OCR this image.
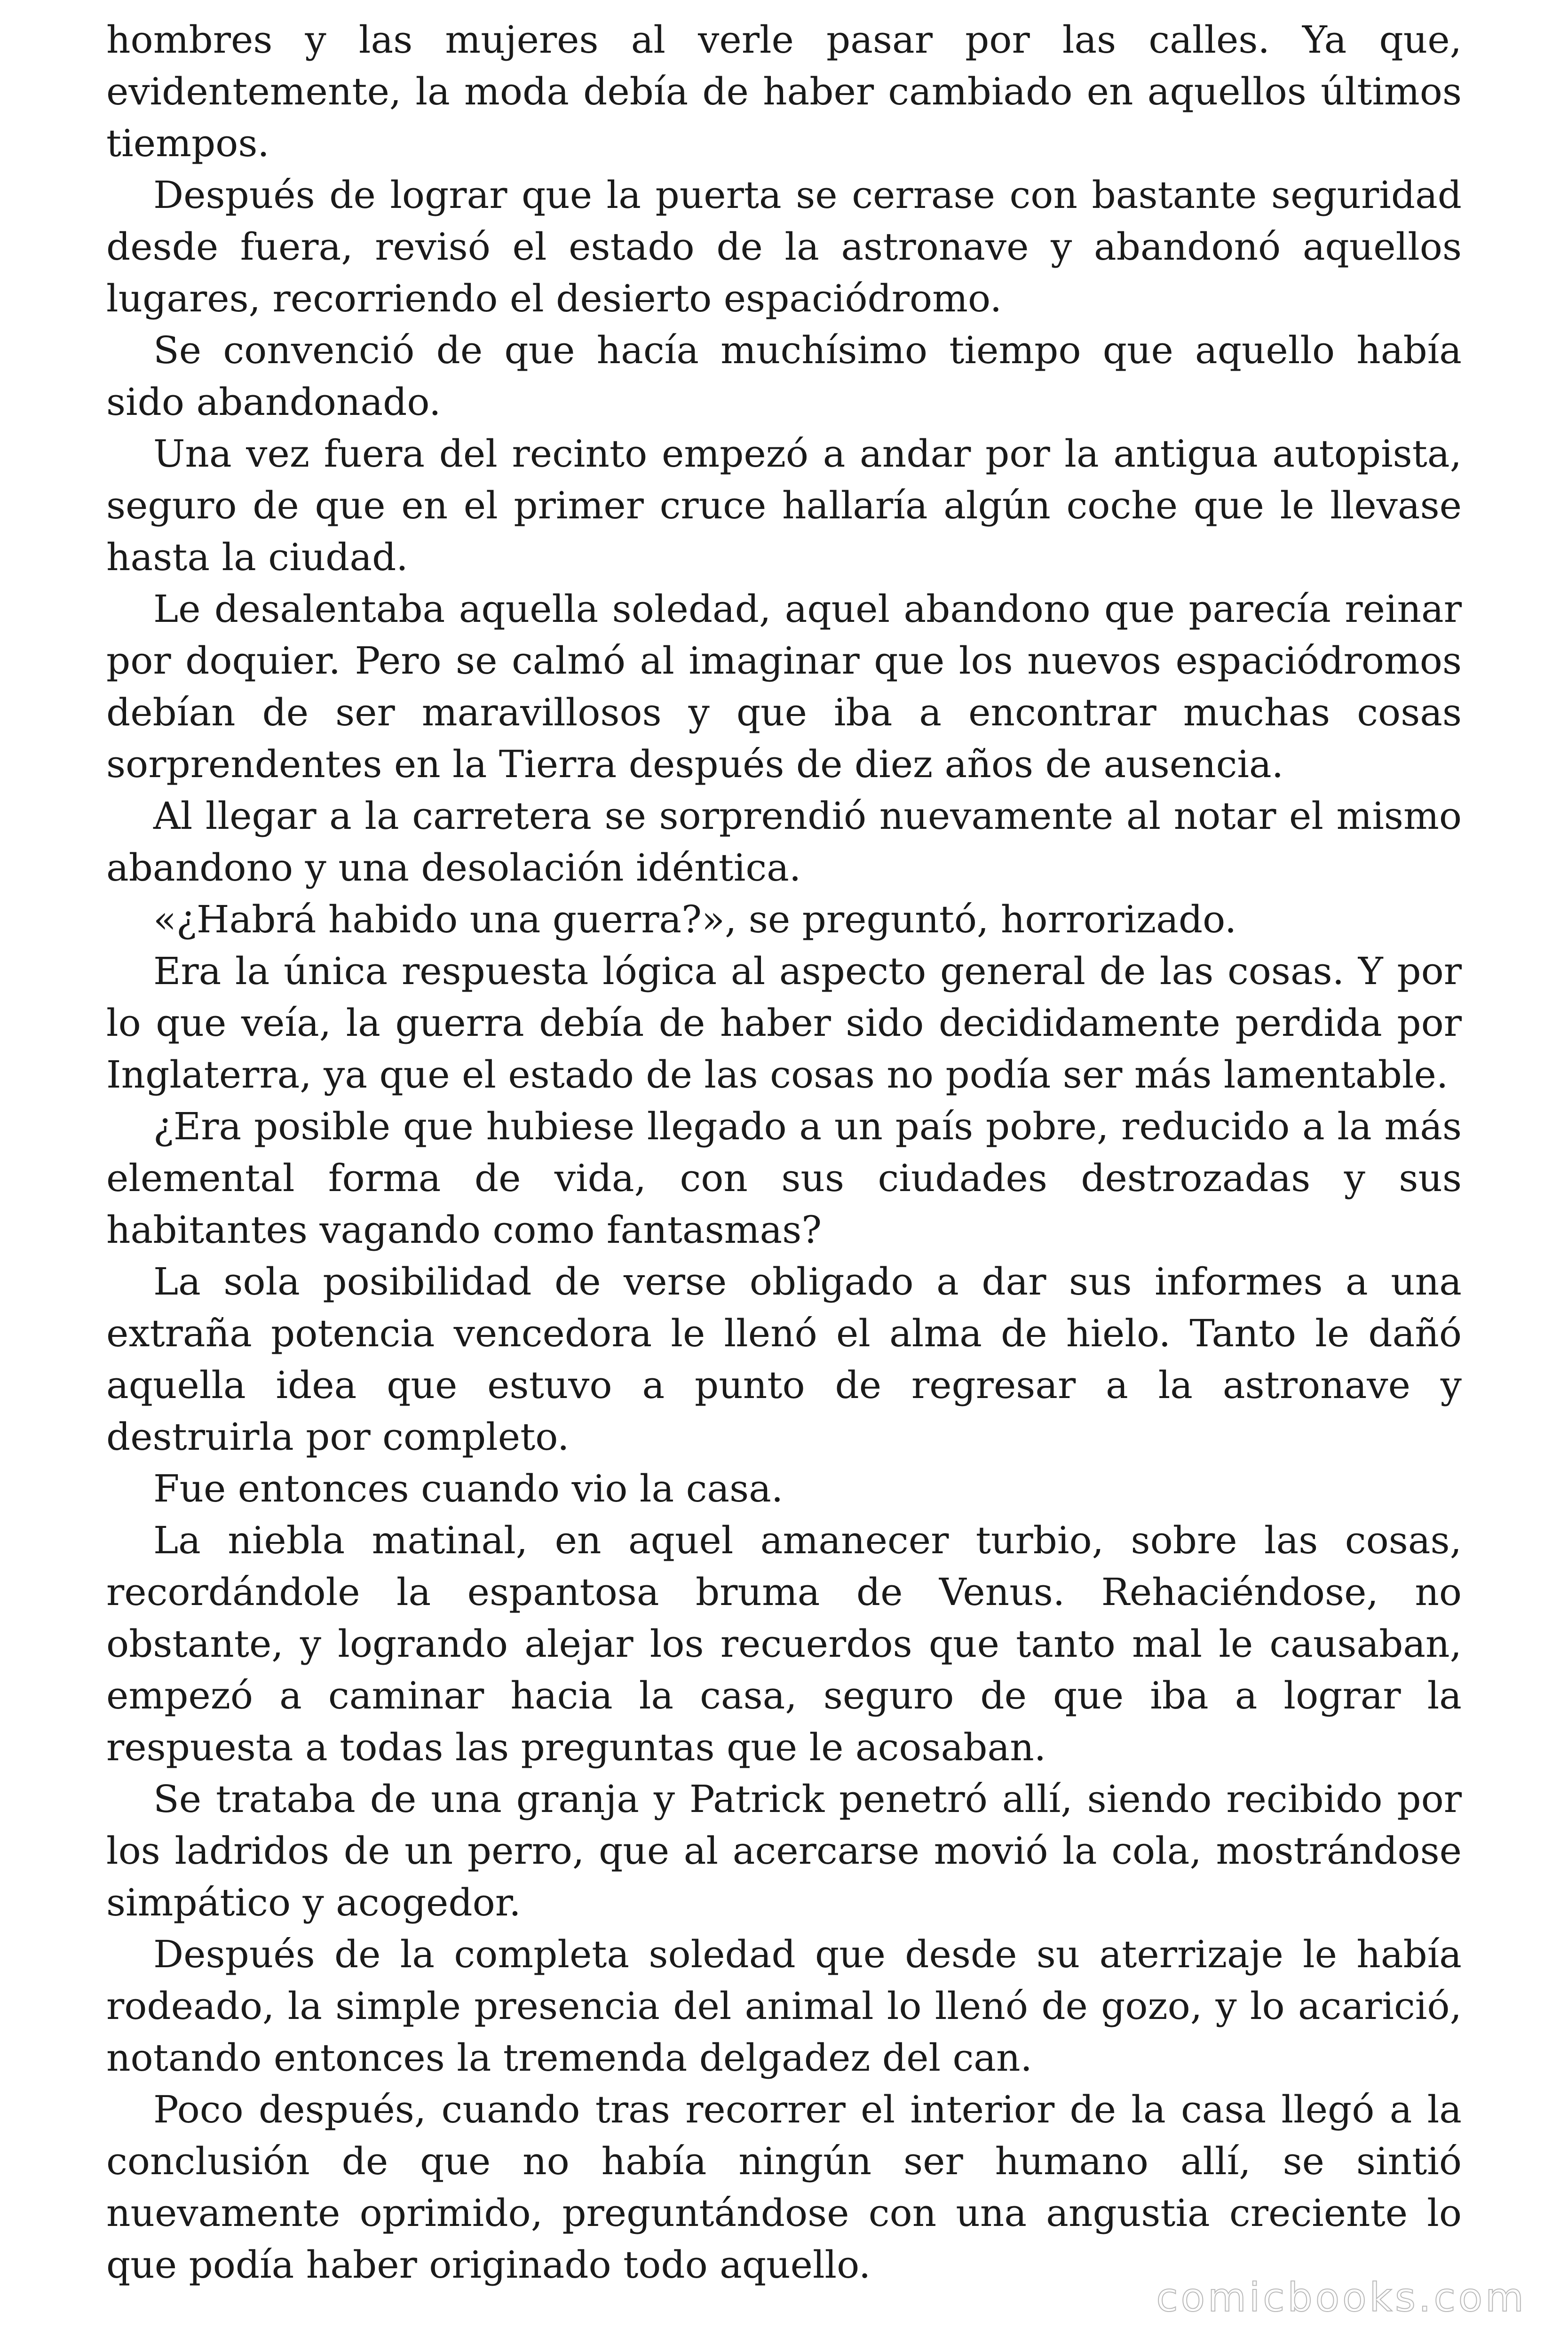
hombres y las mujeres al verle pasar por las calles. Ya que, evidentemente, la moda debía de haber cambiado en aquellos últimos tiempos.

Después de lograr que la puerta se cerrase con bastante seguridad desde fuera, revisó el estado de la astronave y abandonó aquellos lugares, recorriendo el desierto espaciódromo.

Se convenció de que hacía muchísimo tiempo que aquello había sido abandonado.

Una vez fuera del recinto empezó a andar por la antigua autopista, seguro de que en el primer cruce hallaría algún coche que le llevase hasta la ciudad.

Le desalentaba aquella soledad, aquel abandono que parecía reinar por doquier. Pero se calmó al imaginar que los nuevos espaciódromos debían de ser maravillosos y que iba a encontrar muchas cosas sorprendentes en la Tierra después de diez años de ausencia.

Al llegar a la carretera se sorprendió nuevamente al notar el mismo abandono y una desolación idéntica.

«¿Habrá habido una guerra?», se preguntó, horrorizado.

Era la única respuesta lógica al aspecto general de las cosas. Y por lo que veía, la guerra debía de haber sido decididamente perdida por Inglaterra, ya que el estado de las cosas no podía ser más lamentable.

¿Era posible que hubiese llegado a un país pobre, reducido a la más elemental forma de vida, con sus ciudades destrozadas y sus habitantes vagando como fantasmas?

La sola posibilidad de verse obligado a dar sus informes a una extraña potencia vencedora le llenó el alma de hielo. Tanto le dañó aquella idea que estuvo a punto de regresar a la astronave y destruirla por completo.

Fue entonces cuando vio la casa.

La niebla matinal, en aquel amanecer turbio, sobre las cosas, recordándole la espantosa bruma de Venus. Rehaciéndose, no obstante, y logrando alejar los recuerdos que tanto mal le causaban, empezó a caminar hacia la casa, seguro de que iba a lograr la respuesta a todas las preguntas que le acosaban.

Se trataba de una granja y Patrick penetró allí, siendo recibido por los ladridos de un perro, que al acercarse movió la cola, mostrándose simpático y acogedor.

Después de la completa soledad que desde su aterrizaje le había rodeado, la simple presencia del animal lo llenó de gozo, y lo acarició, notando entonces la tremenda delgadez del can.

Poco después, cuando tras recorrer el interior de la casa llegó a la conclusión de que no había ningún ser humano allí, se sintió nuevamente oprimido, preguntándose con una angustia creciente lo que podía haber originado todo aquello.

comicbooks.com
